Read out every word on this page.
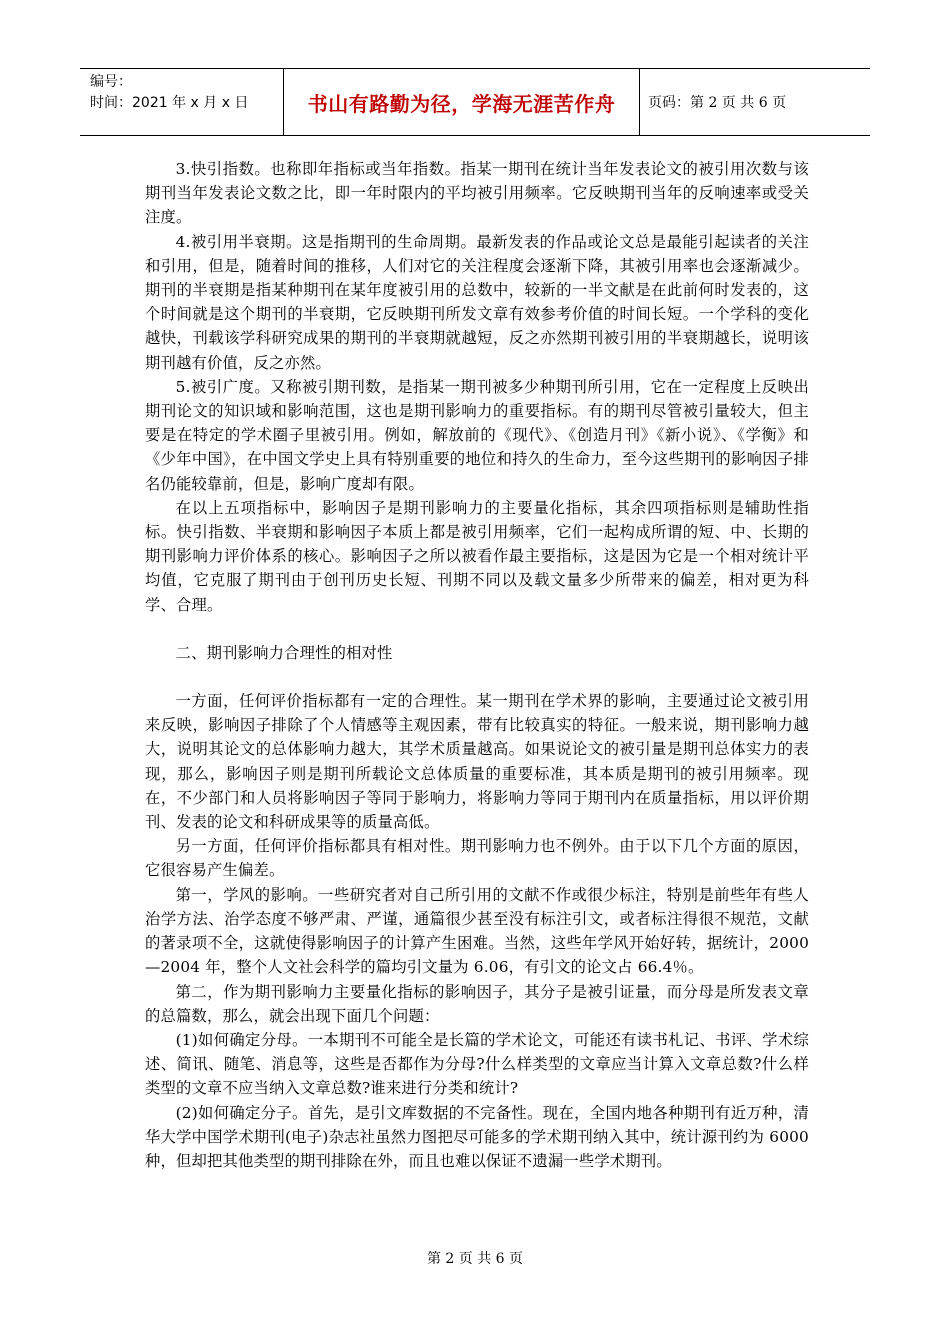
编号：
时间：2021 年 x 月 x 日	书山有路勤为径，学海无涯苦作舟 页码：第 2 页 共 6 页

3.快引指数。也称即年指标或当年指数。指某一期刊在统计当年发表论文的被引用次数与该期刊当年发表论文数之比，即一年时限内的平均被引用频率。它反映期刊当年的反响速率或受关注度。

4.被引用半衰期。这是指期刊的生命周期。最新发表的作品或论文总是最能引起读者的关注和引用，但是，随着时间的推移，人们对它的关注程度会逐渐下降，其被引用率也会逐渐减少。期刊的半衰期是指某种期刊在某年度被引用的总数中，较新的一半文献是在此前何时发表的，这个时间就是这个期刊的半衰期，它反映期刊所发文章有效参考价值的时间长短。一个学科的变化越快，刊载该学科研究成果的期刊的半衰期就越短，反之亦然期刊被引用的半衰期越长，说明该期刊越有价值，反之亦然。

5.被引广度。又称被引期刊数，是指某一期刊被多少种期刊所引用，它在一定程度上反映出期刊论文的知识域和影响范围，这也是期刊影响力的重要指标。有的期刊尽管被引量较大，但主要是在特定的学术圈子里被引用。例如，解放前的《现代》、《创造月刊》《新小说》、《学衡》和《少年中国》，在中国文学史上具有特别重要的地位和持久的生命力，至今这些期刊的影响因子排名仍能较靠前，但是，影响广度却有限。

在以上五项指标中，影响因子是期刊影响力的主要量化指标，其余四项指标则是辅助性指标。快引指数、半衰期和影响因子本质上都是被引用频率，它们一起构成所谓的短、中、长期的期刊影响力评价体系的核心。影响因子之所以被看作最主要指标，这是因为它是一个相对统计平均值，它克服了期刊由于创刊历史长短、刊期不同以及载文量多少所带来的偏差，相对更为科学、合理。

二、期刊影响力合理性的相对性

一方面，任何评价指标都有一定的合理性。某一期刊在学术界的影响，主要通过论文被引用来反映，影响因子排除了个人情感等主观因素，带有比较真实的特征。一般来说，期刊影响力越大，说明其论文的总体影响力越大，其学术质量越高。如果说论文的被引量是期刊总体实力的表现，那么，影响因子则是期刊所载论文总体质量的重要标准，其本质是期刊的被引用频率。现在，不少部门和人员将影响因子等同于影响力，将影响力等同于期刊内在质量指标，用以评价期刊、发表的论文和科研成果等的质量高低。

另一方面，任何评价指标都具有相对性。期刊影响力也不例外。由于以下几个方面的原因，它很容易产生偏差。

第一，学风的影响。一些研究者对自己所引用的文献不作或很少标注，特别是前些年有些人治学方法、治学态度不够严肃、严谨，通篇很少甚至没有标注引文，或者标注得很不规范，文献的著录项不全，这就使得影响因子的计算产生困难。当然，这些年学风开始好转，据统计，2000—2004 年，整个人文社会科学的篇均引文量为 6.06，有引文的论文占 66.4％。

第二，作为期刊影响力主要量化指标的影响因子，其分子是被引证量，而分母是所发表文章的总篇数，那么，就会出现下面几个问题：

(1)如何确定分母。一本期刊不可能全是长篇的学术论文，可能还有读书札记、书评、学术综述、简讯、随笔、消息等，这些是否都作为分母?什么样类型的文章应当计算入文章总数?什么样类型的文章不应当纳入文章总数?谁来进行分类和统计?

(2)如何确定分子。首先，是引文库数据的不完备性。现在，全国内地各种期刊有近万种，清华大学中国学术期刊(电子)杂志社虽然力图把尽可能多的学术期刊纳入其中，统计源刊约为 6000 种，但却把其他类型的期刊排除在外，而且也难以保证不遗漏一些学术期刊。

第 2 页 共 6 页
